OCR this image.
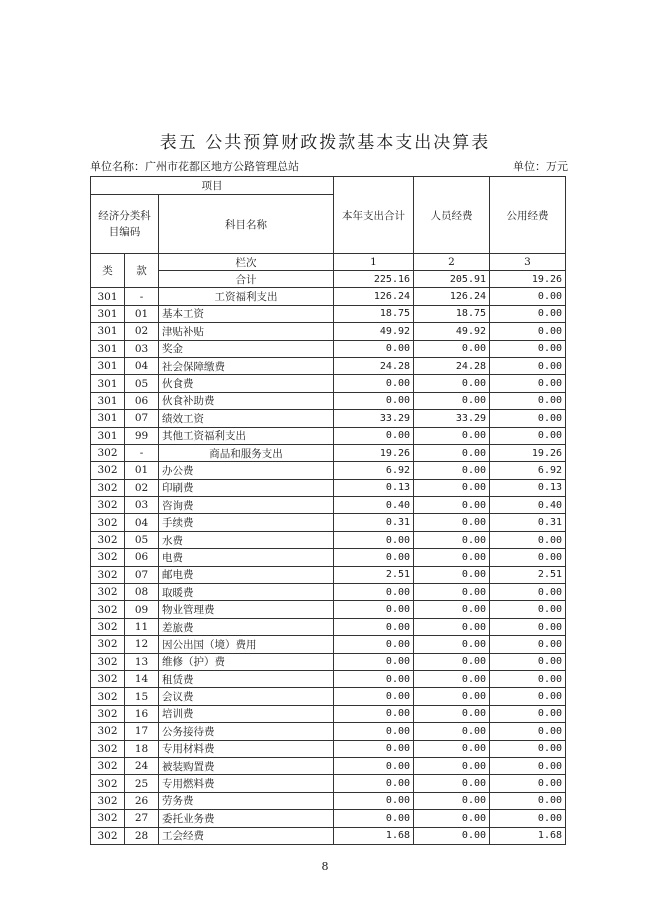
表五 公共预算财政拨款基本支出决算表
单位名称：广州市花都区地方公路管理总站	单位：万元
项目			本年支出合计	人员经费	公用经费
经济分类科目编码		科目名称			
类	款	栏次	1	2	3
		合计	225.16	205.91	19.26
301	-	工资福利支出	126.24	126.24	0.00
301	01	基本工资	18.75	18.75	0.00
301	02	津贴补贴	49.92	49.92	0.00
301	03	奖金	0.00	0.00	0.00
301	04	社会保障缴费	24.28	24.28	0.00
301	05	伙食费	0.00	0.00	0.00
301	06	伙食补助费	0.00	0.00	0.00
301	07	绩效工资	33.29	33.29	0.00
301	99	其他工资福利支出	0.00	0.00	0.00
302	-	商品和服务支出	19.26	0.00	19.26
302	01	办公费	6.92	0.00	6.92
302	02	印刷费	0.13	0.00	0.13
302	03	咨询费	0.40	0.00	0.40
302	04	手续费	0.31	0.00	0.31
302	05	水费	0.00	0.00	0.00
302	06	电费	0.00	0.00	0.00
302	07	邮电费	2.51	0.00	2.51
302	08	取暖费	0.00	0.00	0.00
302	09	物业管理费	0.00	0.00	0.00
302	11	差旅费	0.00	0.00	0.00
302	12	因公出国（境）费用	0.00	0.00	0.00
302	13	维修（护）费	0.00	0.00	0.00
302	14	租赁费	0.00	0.00	0.00
302	15	会议费	0.00	0.00	0.00
302	16	培训费	0.00	0.00	0.00
302	17	公务接待费	0.00	0.00	0.00
302	18	专用材料费	0.00	0.00	0.00
302	24	被装购置费	0.00	0.00	0.00
302	25	专用燃料费	0.00	0.00	0.00
302	26	劳务费	0.00	0.00	0.00
302	27	委托业务费	0.00	0.00	0.00
302	28	工会经费	1.68	0.00	1.68
8
